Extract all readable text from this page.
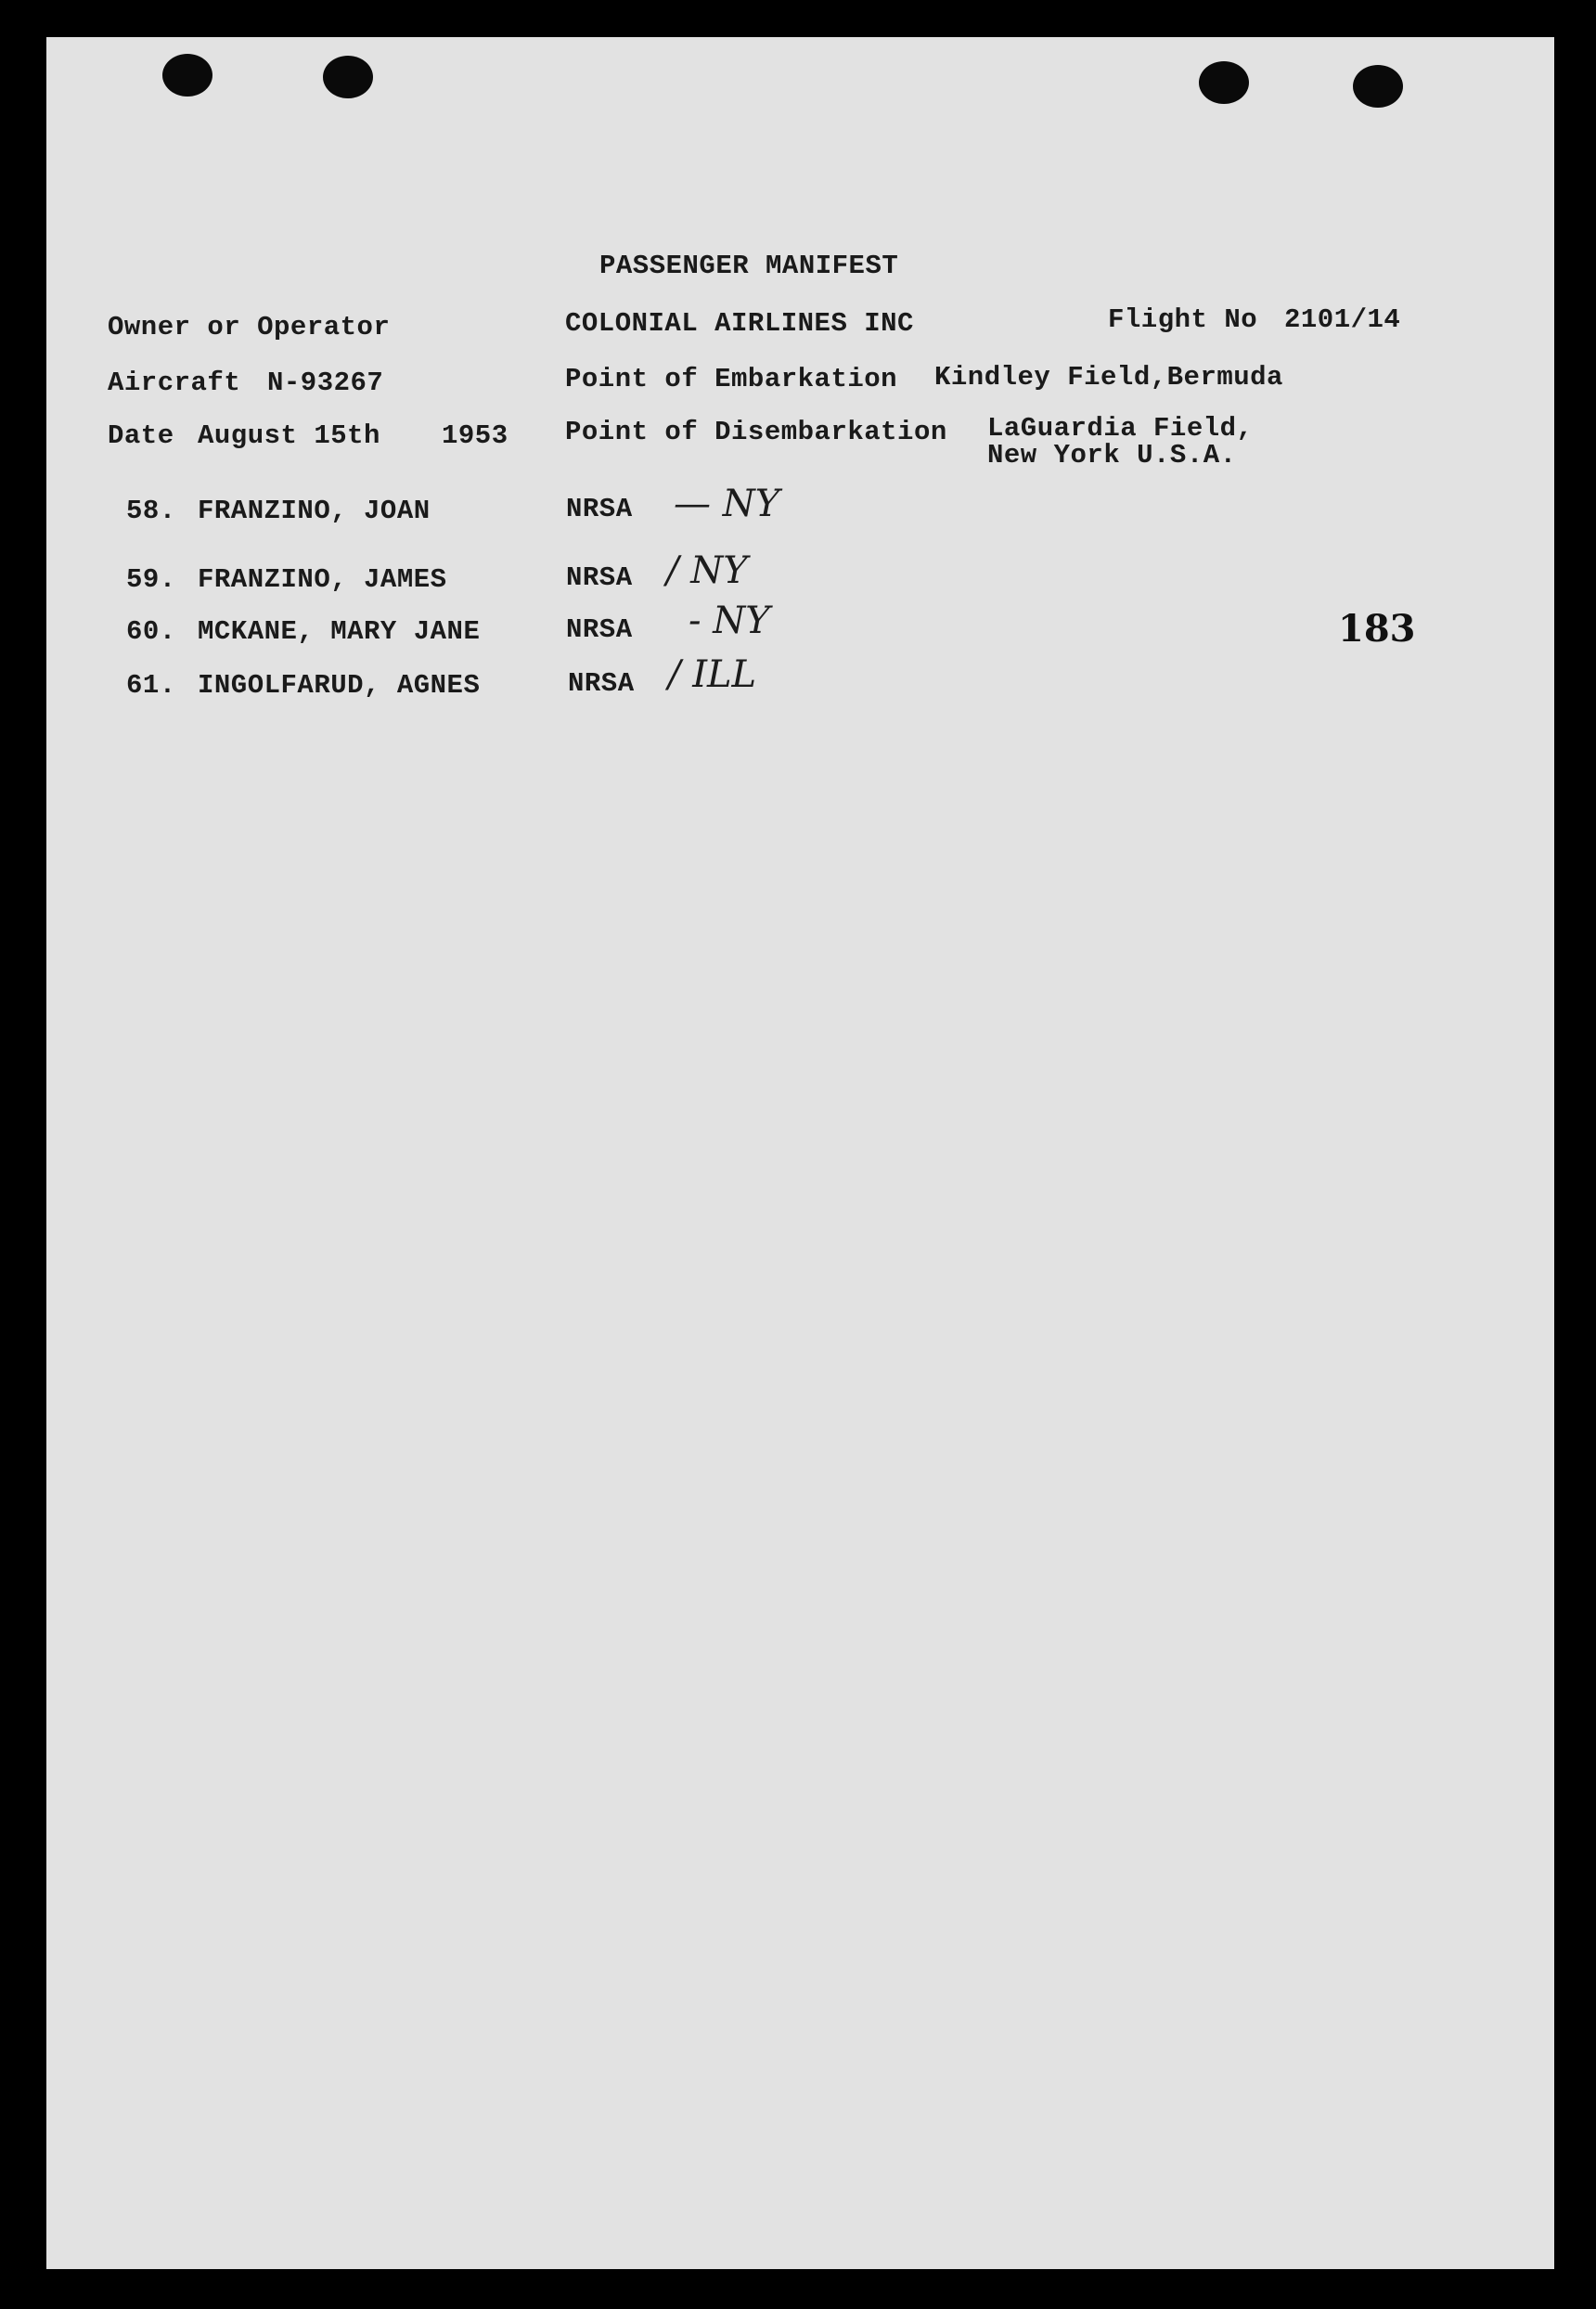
PASSENGER MANIFEST
Owner or Operator	COLONIAL AIRLINES INC	Flight No 2101/14
Aircraft N-93267	Point of Embarkation Kindley Field,Bermuda
Date August 15th 1953 Point of Disembarkation LaGuardia Field,
New York U.S.A.
58. FRANZINO, JOAN	NRSA — NY
59. FRANZINO, JAMES	NRSA / NY
60. MCKANE, MARY JANE	NRSA - NY
61. INGOLFARUD, AGNES	NRSA / ILL
183
